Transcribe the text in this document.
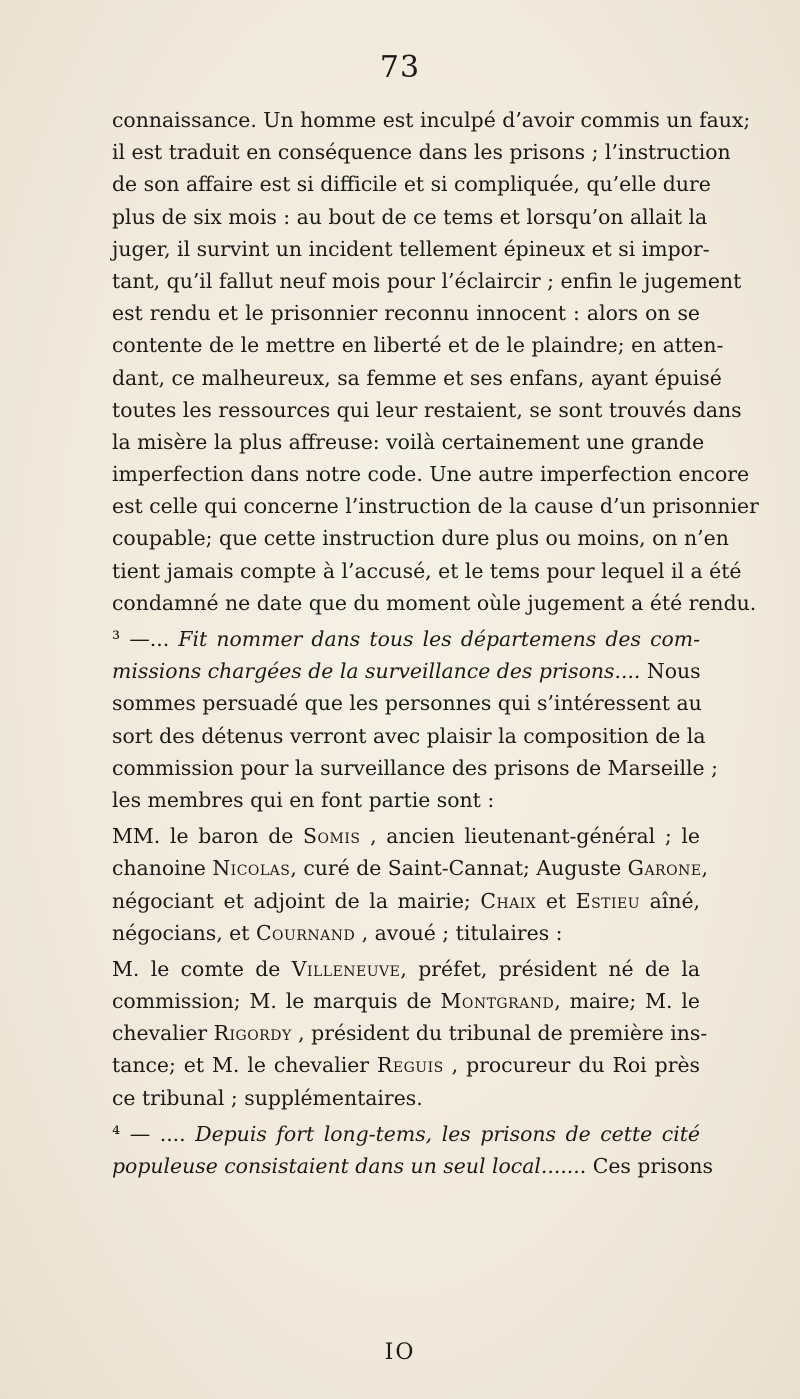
73
connaissance. Un homme est inculpé d’avoir commis un faux;
il est traduit en conséquence dans les prisons ; l’instruction
de son affaire est si difficile et si compliquée, qu’elle dure
plus de six mois : au bout de ce tems et lorsqu’on allait la
juger, il survint un incident tellement épineux et si impor-
tant, qu’il fallut neuf mois pour l’éclaircir ; enfin le jugement
est rendu et le prisonnier reconnu innocent : alors on se
contente de le mettre en liberté et de le plaindre; en atten-
dant, ce malheureux, sa femme et ses enfans, ayant épuisé
toutes les ressources qui leur restaient, se sont trouvés dans
la misère la plus affreuse: voilà certainement une grande
imperfection dans notre code. Une autre imperfection encore
est celle qui concerne l’instruction de la cause d’un prisonnier
coupable; que cette instruction dure plus ou moins, on n’en
tient jamais compte à l’accusé, et le tems pour lequel il a été
condamné ne date que du moment oùle jugement a été rendu.
³ —... Fit nommer dans tous les départemens des com-
missions chargées de la surveillance des prisons.... Nous
sommes persuadé que les personnes qui s’intéressent au
sort des détenus verront avec plaisir la composition de la
commission pour la surveillance des prisons de Marseille ;
les membres qui en font partie sont :
MM. le baron de Somis , ancien lieutenant-général ; le
chanoine Nicolas, curé de Saint-Cannat; Auguste Garone,
négociant et adjoint de la mairie; Chaix et Estieu aîné,
négocians, et Cournand , avoué ; titulaires :
M. le comte de Villeneuve, préfet, président né de la
commission; M. le marquis de Montgrand, maire; M. le
chevalier Rigordy , président du tribunal de première ins-
tance; et M. le chevalier Reguis , procureur du Roi près
ce tribunal ; supplémentaires.
⁴ — .... Depuis fort long-tems, les prisons de cette cité
populeuse consistaient dans un seul local....... Ces prisons
IO
